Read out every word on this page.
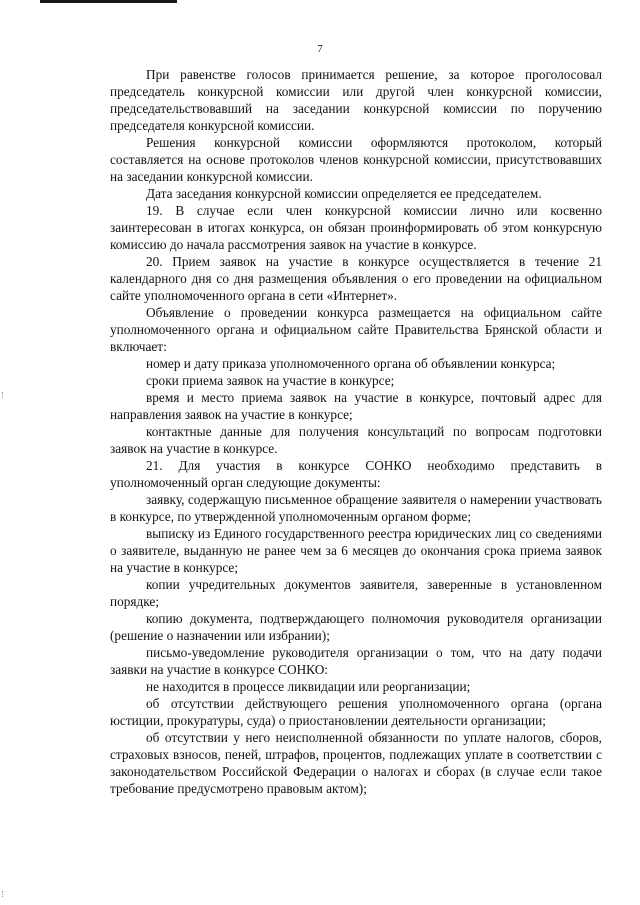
7

При равенстве голосов принимается решение, за которое проголосовал председатель конкурсной комиссии или другой член конкурсной комиссии, председательствовавший на заседании конкурсной комиссии по поручению председателя конкурсной комиссии.

Решения конкурсной комиссии оформляются протоколом, который составляется на основе протоколов членов конкурсной комиссии, присутствовавших на заседании конкурсной комиссии.

Дата заседания конкурсной комиссии определяется ее председателем.

19. В случае если член конкурсной комиссии лично или косвенно заинтересован в итогах конкурса, он обязан проинформировать об этом конкурсную комиссию до начала рассмотрения заявок на участие в конкурсе.

20. Прием заявок на участие в конкурсе осуществляется в течение 21 календарного дня со дня размещения объявления о его проведении на официальном сайте уполномоченного органа в сети «Интернет».

Объявление о проведении конкурса размещается на официальном сайте уполномоченного органа и официальном сайте Правительства Брянской области и включает:

номер и дату приказа уполномоченного органа об объявлении конкурса;

сроки приема заявок на участие в конкурсе;

время и место приема заявок на участие в конкурсе, почтовый адрес для направления заявок на участие в конкурсе;

контактные данные для получения консультаций по вопросам подготовки заявок на участие в конкурсе.

21. Для участия в конкурсе СОНКО необходимо представить в уполномоченный орган следующие документы:

заявку, содержащую письменное обращение заявителя о намерении участвовать в конкурсе, по утвержденной уполномоченным органом форме;

выписку из Единого государственного реестра юридических лиц со сведениями о заявителе, выданную не ранее чем за 6 месяцев до окончания срока приема заявок на участие в конкурсе;

копии учредительных документов заявителя, заверенные в установленном порядке;

копию документа, подтверждающего полномочия руководителя организации (решение о назначении или избрании);

письмо-уведомление руководителя организации о том, что на дату подачи заявки на участие в конкурсе СОНКО:

не находится в процессе ликвидации или реорганизации;

об отсутствии действующего решения уполномоченного органа (органа юстиции, прокуратуры, суда) о приостановлении деятельности организации;

об отсутствии у него неисполненной обязанности по уплате налогов, сборов, страховых взносов, пеней, штрафов, процентов, подлежащих уплате в соответствии с законодательством Российской Федерации о налогах и сборах (в случае если такое требование предусмотрено правовым актом);
